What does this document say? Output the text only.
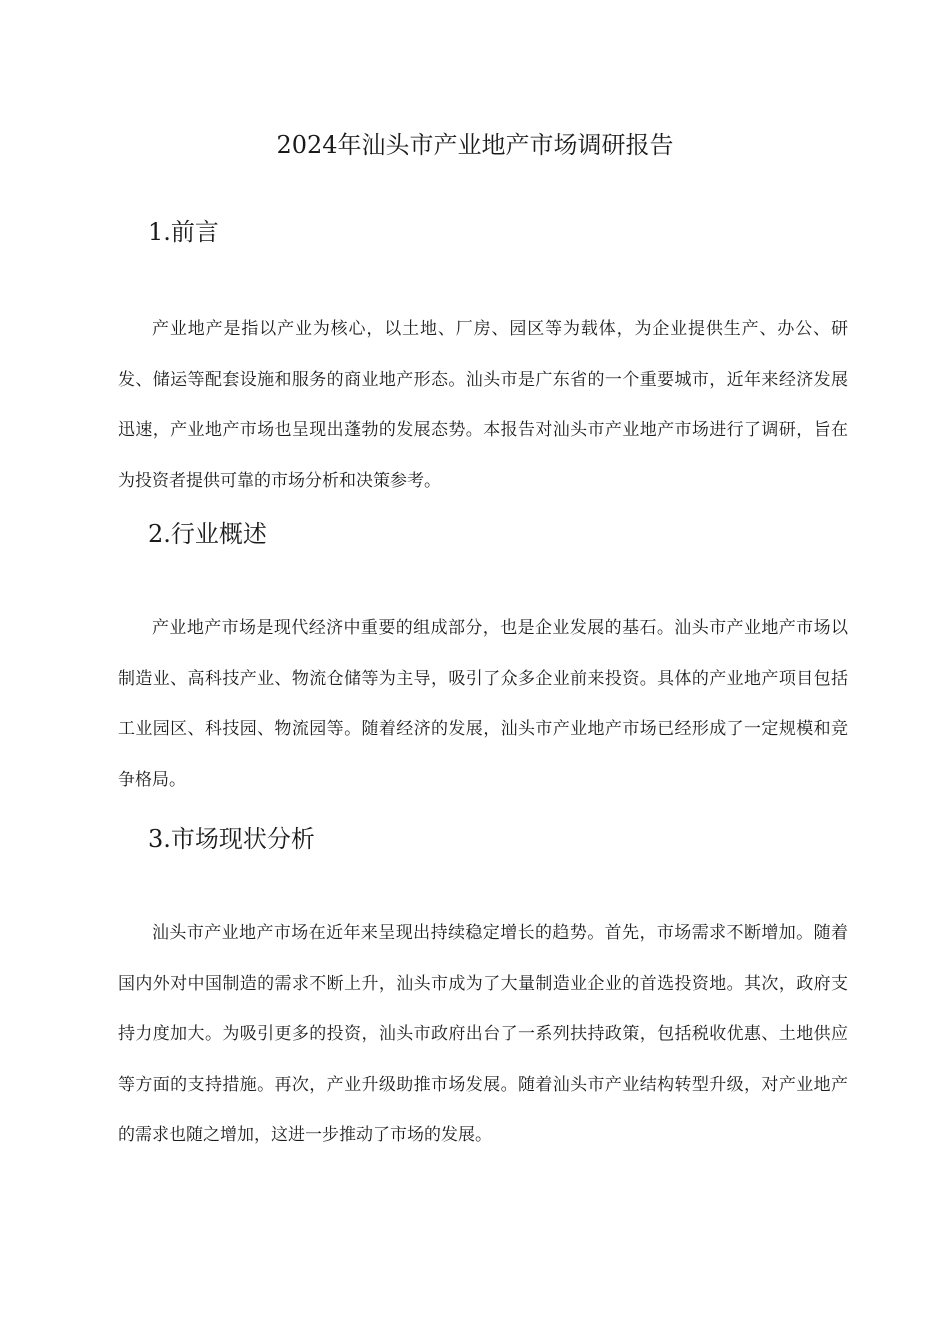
2024年汕头市产业地产市场调研报告
1.前言

产业地产是指以产业为核心，以土地、厂房、园区等为载体，为企业提供生产、办公、研发、储运等配套设施和服务的商业地产形态。汕头市是广东省的一个重要城市，近年来经济发展迅速，产业地产市场也呈现出蓬勃的发展态势。本报告对汕头市产业地产市场进行了调研，旨在为投资者提供可靠的市场分析和决策参考。

2.行业概述

产业地产市场是现代经济中重要的组成部分，也是企业发展的基石。汕头市产业地产市场以制造业、高科技产业、物流仓储等为主导，吸引了众多企业前来投资。具体的产业地产项目包括工业园区、科技园、物流园等。随着经济的发展，汕头市产业地产市场已经形成了一定规模和竞争格局。

3.市场现状分析

汕头市产业地产市场在近年来呈现出持续稳定增长的趋势。首先，市场需求不断增加。随着国内外对中国制造的需求不断上升，汕头市成为了大量制造业企业的首选投资地。其次，政府支持力度加大。为吸引更多的投资，汕头市政府出台了一系列扶持政策，包括税收优惠、土地供应等方面的支持措施。再次，产业升级助推市场发展。随着汕头市产业结构转型升级，对产业地产的需求也随之增加，这进一步推动了市场的发展。
